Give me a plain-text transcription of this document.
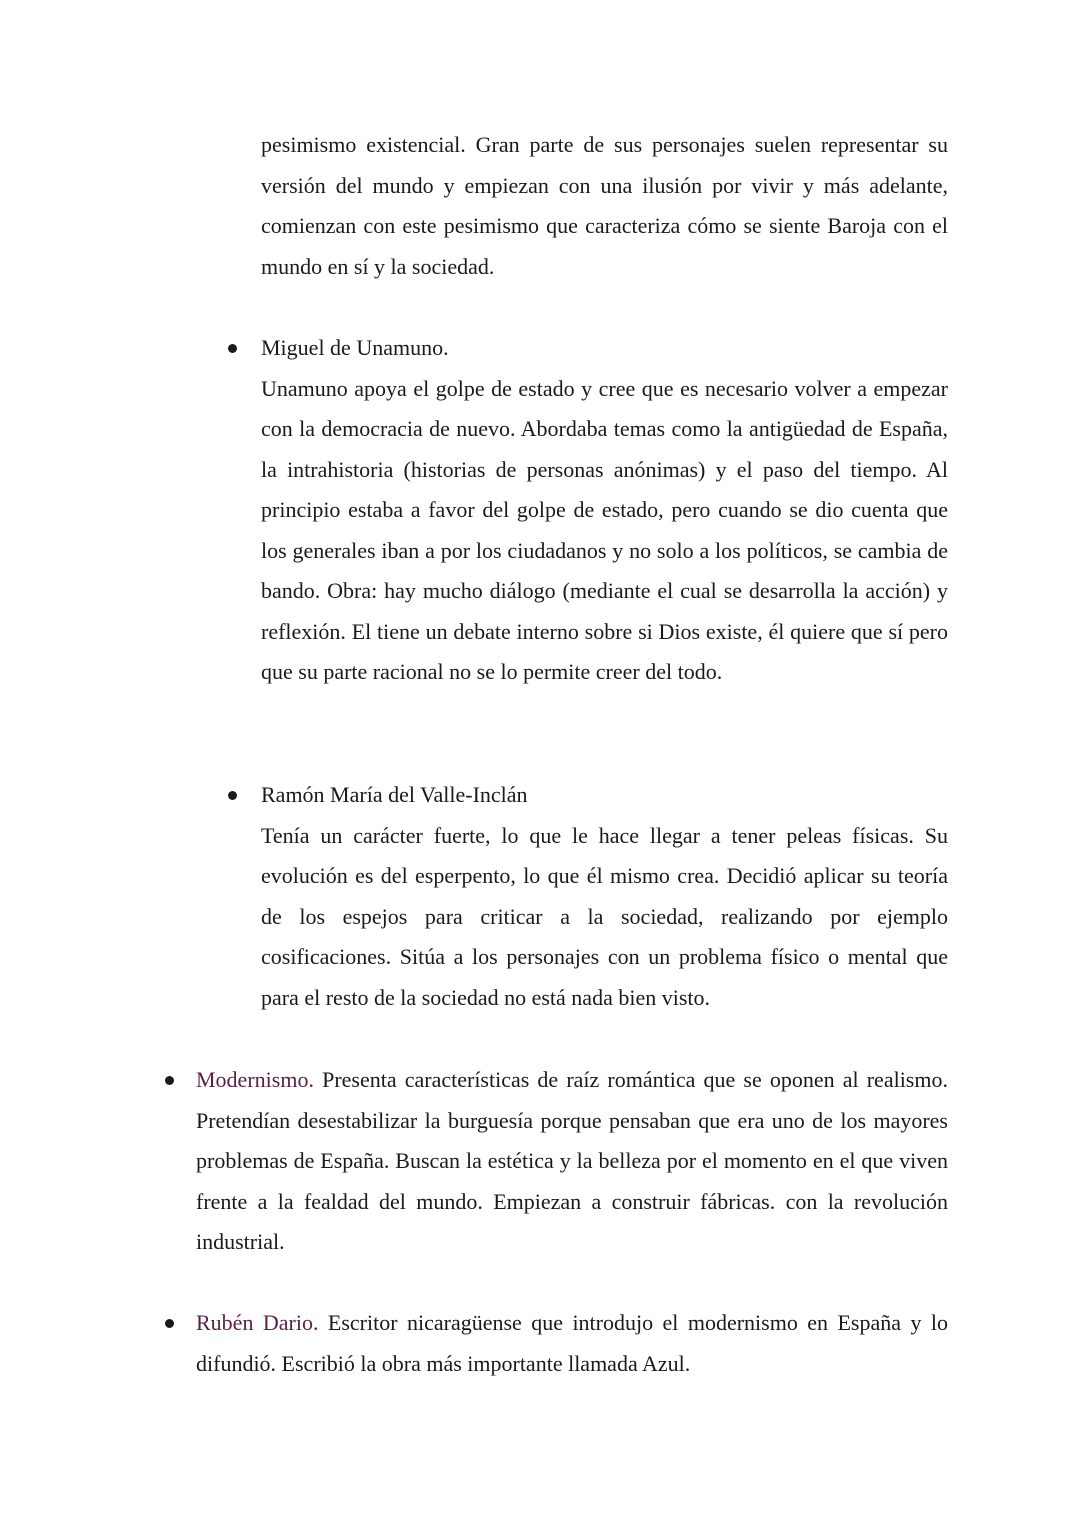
pesimismo existencial. Gran parte de sus personajes suelen representar su versión del mundo y empiezan con una ilusión por vivir y más adelante, comienzan con este pesimismo que caracteriza cómo se siente Baroja con el mundo en sí y la sociedad.

Miguel de Unamuno.
Unamuno apoya el golpe de estado y cree que es necesario volver a empezar con la democracia de nuevo. Abordaba temas como la antigüedad de España, la intrahistoria (historias de personas anónimas) y el paso del tiempo. Al principio estaba a favor del golpe de estado, pero cuando se dio cuenta que los generales iban a por los ciudadanos y no solo a los políticos, se cambia de bando. Obra: hay mucho diálogo (mediante el cual se desarrolla la acción) y reflexión. El tiene un debate interno sobre si Dios existe, él quiere que sí pero que su parte racional no se lo permite creer del todo.
Ramón María del Valle-Inclán
Tenía un carácter fuerte, lo que le hace llegar a tener peleas físicas. Su evolución es del esperpento, lo que él mismo crea. Decidió aplicar su teoría de los espejos para criticar a la sociedad, realizando por ejemplo cosificaciones. Sitúa a los personajes con un problema físico o mental que para el resto de la sociedad no está nada bien visto.

Modernismo. Presenta características de raíz romántica que se oponen al realismo. Pretendían desestabilizar la burguesía porque pensaban que era uno de los mayores problemas de España. Buscan la estética y la belleza por el momento en el que viven frente a la fealdad del mundo. Empiezan a construir fábricas. con la revolución industrial.

Rubén Dario. Escritor nicaragüense que introdujo el modernismo en España y lo difundió. Escribió la obra más importante llamada Azul.
